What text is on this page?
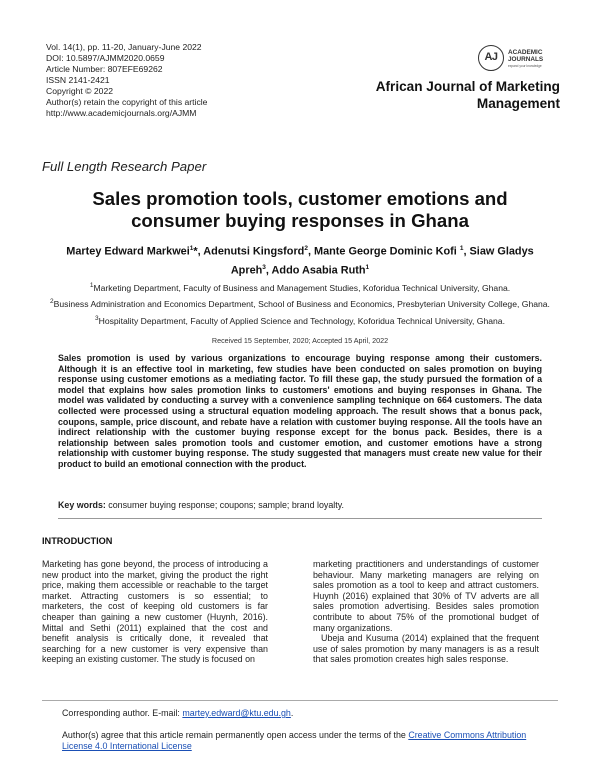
Vol. 14(1), pp. 11-20, January-June 2022
DOI: 10.5897/AJMM2020.0659
Article Number: 807EFE69262
ISSN 2141-2421
Copyright © 2022
Author(s) retain the copyright of this article
http://www.academicjournals.org/AJMM
AJ	ACADEMIC
JOURNALS
expand your knowledge
African Journal of Marketing
Management
Full Length Research Paper
Sales promotion tools, customer emotions and
consumer buying responses in Ghana
Martey Edward Markwei$^1$*, Adenutsi Kingsford$^2$, Mante George Dominic Kofi $^1$, Siaw Gladys
Apreh$^3$, Addo Asabia Ruth$^1$
$^1$Marketing Department, Faculty of Business and Management Studies, Koforidua Technical University, Ghana.
$^2$Business Administration and Economics Department, School of Business and Economics, Presbyterian University College, Ghana.
$^3$Hospitality Department, Faculty of Applied Science and Technology, Koforidua Technical University, Ghana.
Received 15 September, 2020; Accepted 15 April, 2022
Sales promotion is used by various organizations to encourage buying response among their customers. Although it is an effective tool in marketing, few studies have been conducted on sales promotion on buying response using customer emotions as a mediating factor. To fill these gap, the study pursued the formation of a model that explains how sales promotion links to customers' emotions and buying responses in Ghana. The model was validated by conducting a survey with a convenience sampling technique on 664 customers. The data collected were processed using a structural equation modeling approach. The result shows that a bonus pack, coupons, sample, price discount, and rebate have a relation with customer buying response. All the tools have an indirect relationship with the customer buying response except for the bonus pack. Besides, there is a relationship between sales promotion tools and customer emotion, and customer emotions have a strong relationship with customer buying response. The study suggested that managers must create new value for their product to build an emotional connection with the product.
Key words: consumer buying response; coupons; sample; brand loyalty.
INTRODUCTION

Marketing has gone beyond, the process of introducing a new product into the market, giving the product the right price, making them accessible or reachable to the target market. Attracting customers is so essential; to marketers, the cost of keeping old customers is far cheaper than gaining a new customer (Huynh, 2016). Mittal and Sethi (2011) explained that the cost and benefit analysis is critically done, it revealed that searching for a new customer is very expensive than keeping an existing customer. The study is focused on

marketing practitioners and understandings of customer behaviour. Many marketing managers are relying on sales promotion as a tool to keep and attract customers. Huynh (2016) explained that 30% of TV adverts are all sales promotion advertising. Besides sales promotion contribute to about 75% of the promotional budget of many organizations.

Ubeja and Kusuma (2014) explained that the frequent use of sales promotion by many managers is as a result that sales promotion creates high sales response.

Corresponding author. E-mail: martey.edward@ktu.edu.gh.
Author(s) agree that this article remain permanently open access under the terms of the Creative Commons Attribution License 4.0 International License
